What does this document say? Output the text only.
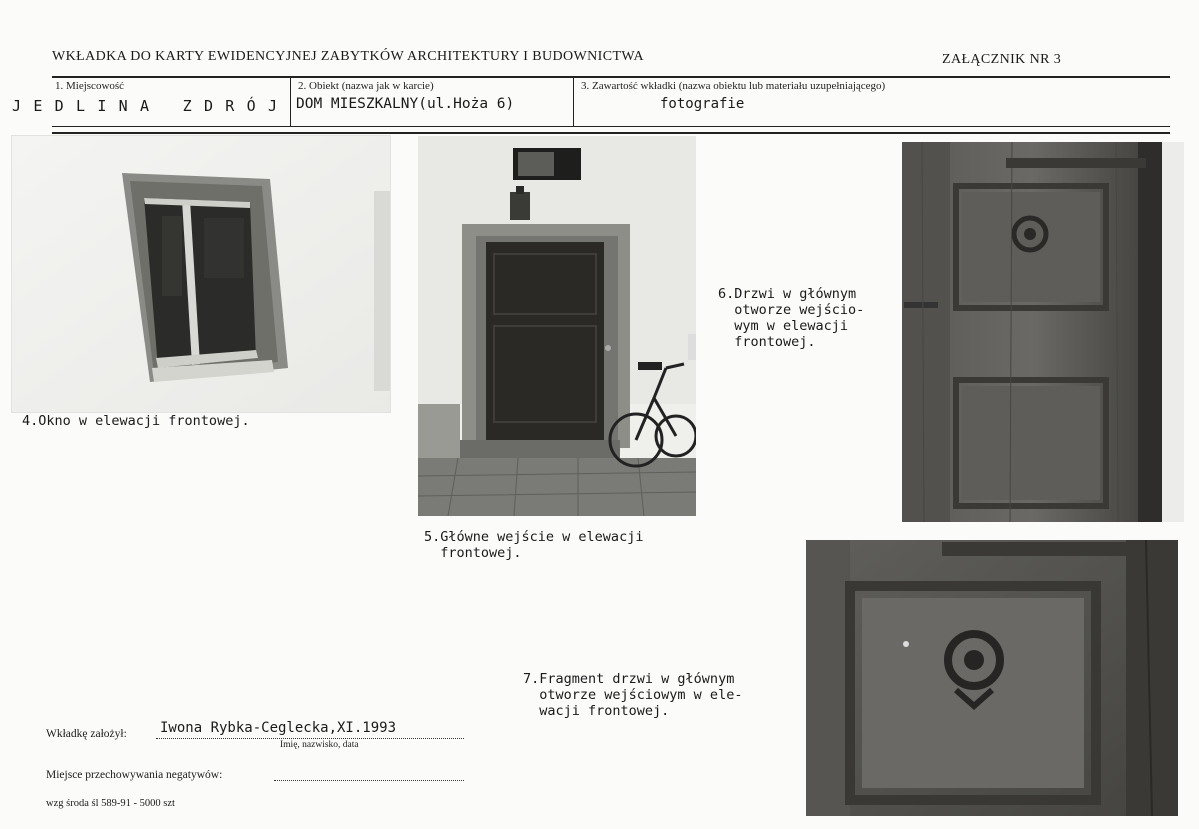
WKŁADKA DO KARTY EWIDENCYJNEJ ZABYTKÓW ARCHITEKTURY I BUDOWNICTWA	ZAŁĄCZNIK NR 3
1. Miejscowość
JEDLINA ZDRÓJ
2. Obiekt (nazwa jak w karcie)
DOM MIESZKALNY(ul.Hoża 6)
3. Zawartość wkładki (nazwa obiektu lub materiału uzupełniającego)
fotografie
4.Okno w elewacji frontowej.
5.Główne wejście w elewacji
frontowej.
6.Drzwi w głównym
otworze wejścio-
wym w elewacji
frontowej.
7.Fragment drzwi w głównym
otworze wejściowym w ele-
wacji frontowej.
Wkładkę założył: Iwona Rybka-Ceglecka,XI.1993
Imię, nazwisko, data
Miejsce przechowywania negatywów:
wzg środa śl 589-91 - 5000 szt
